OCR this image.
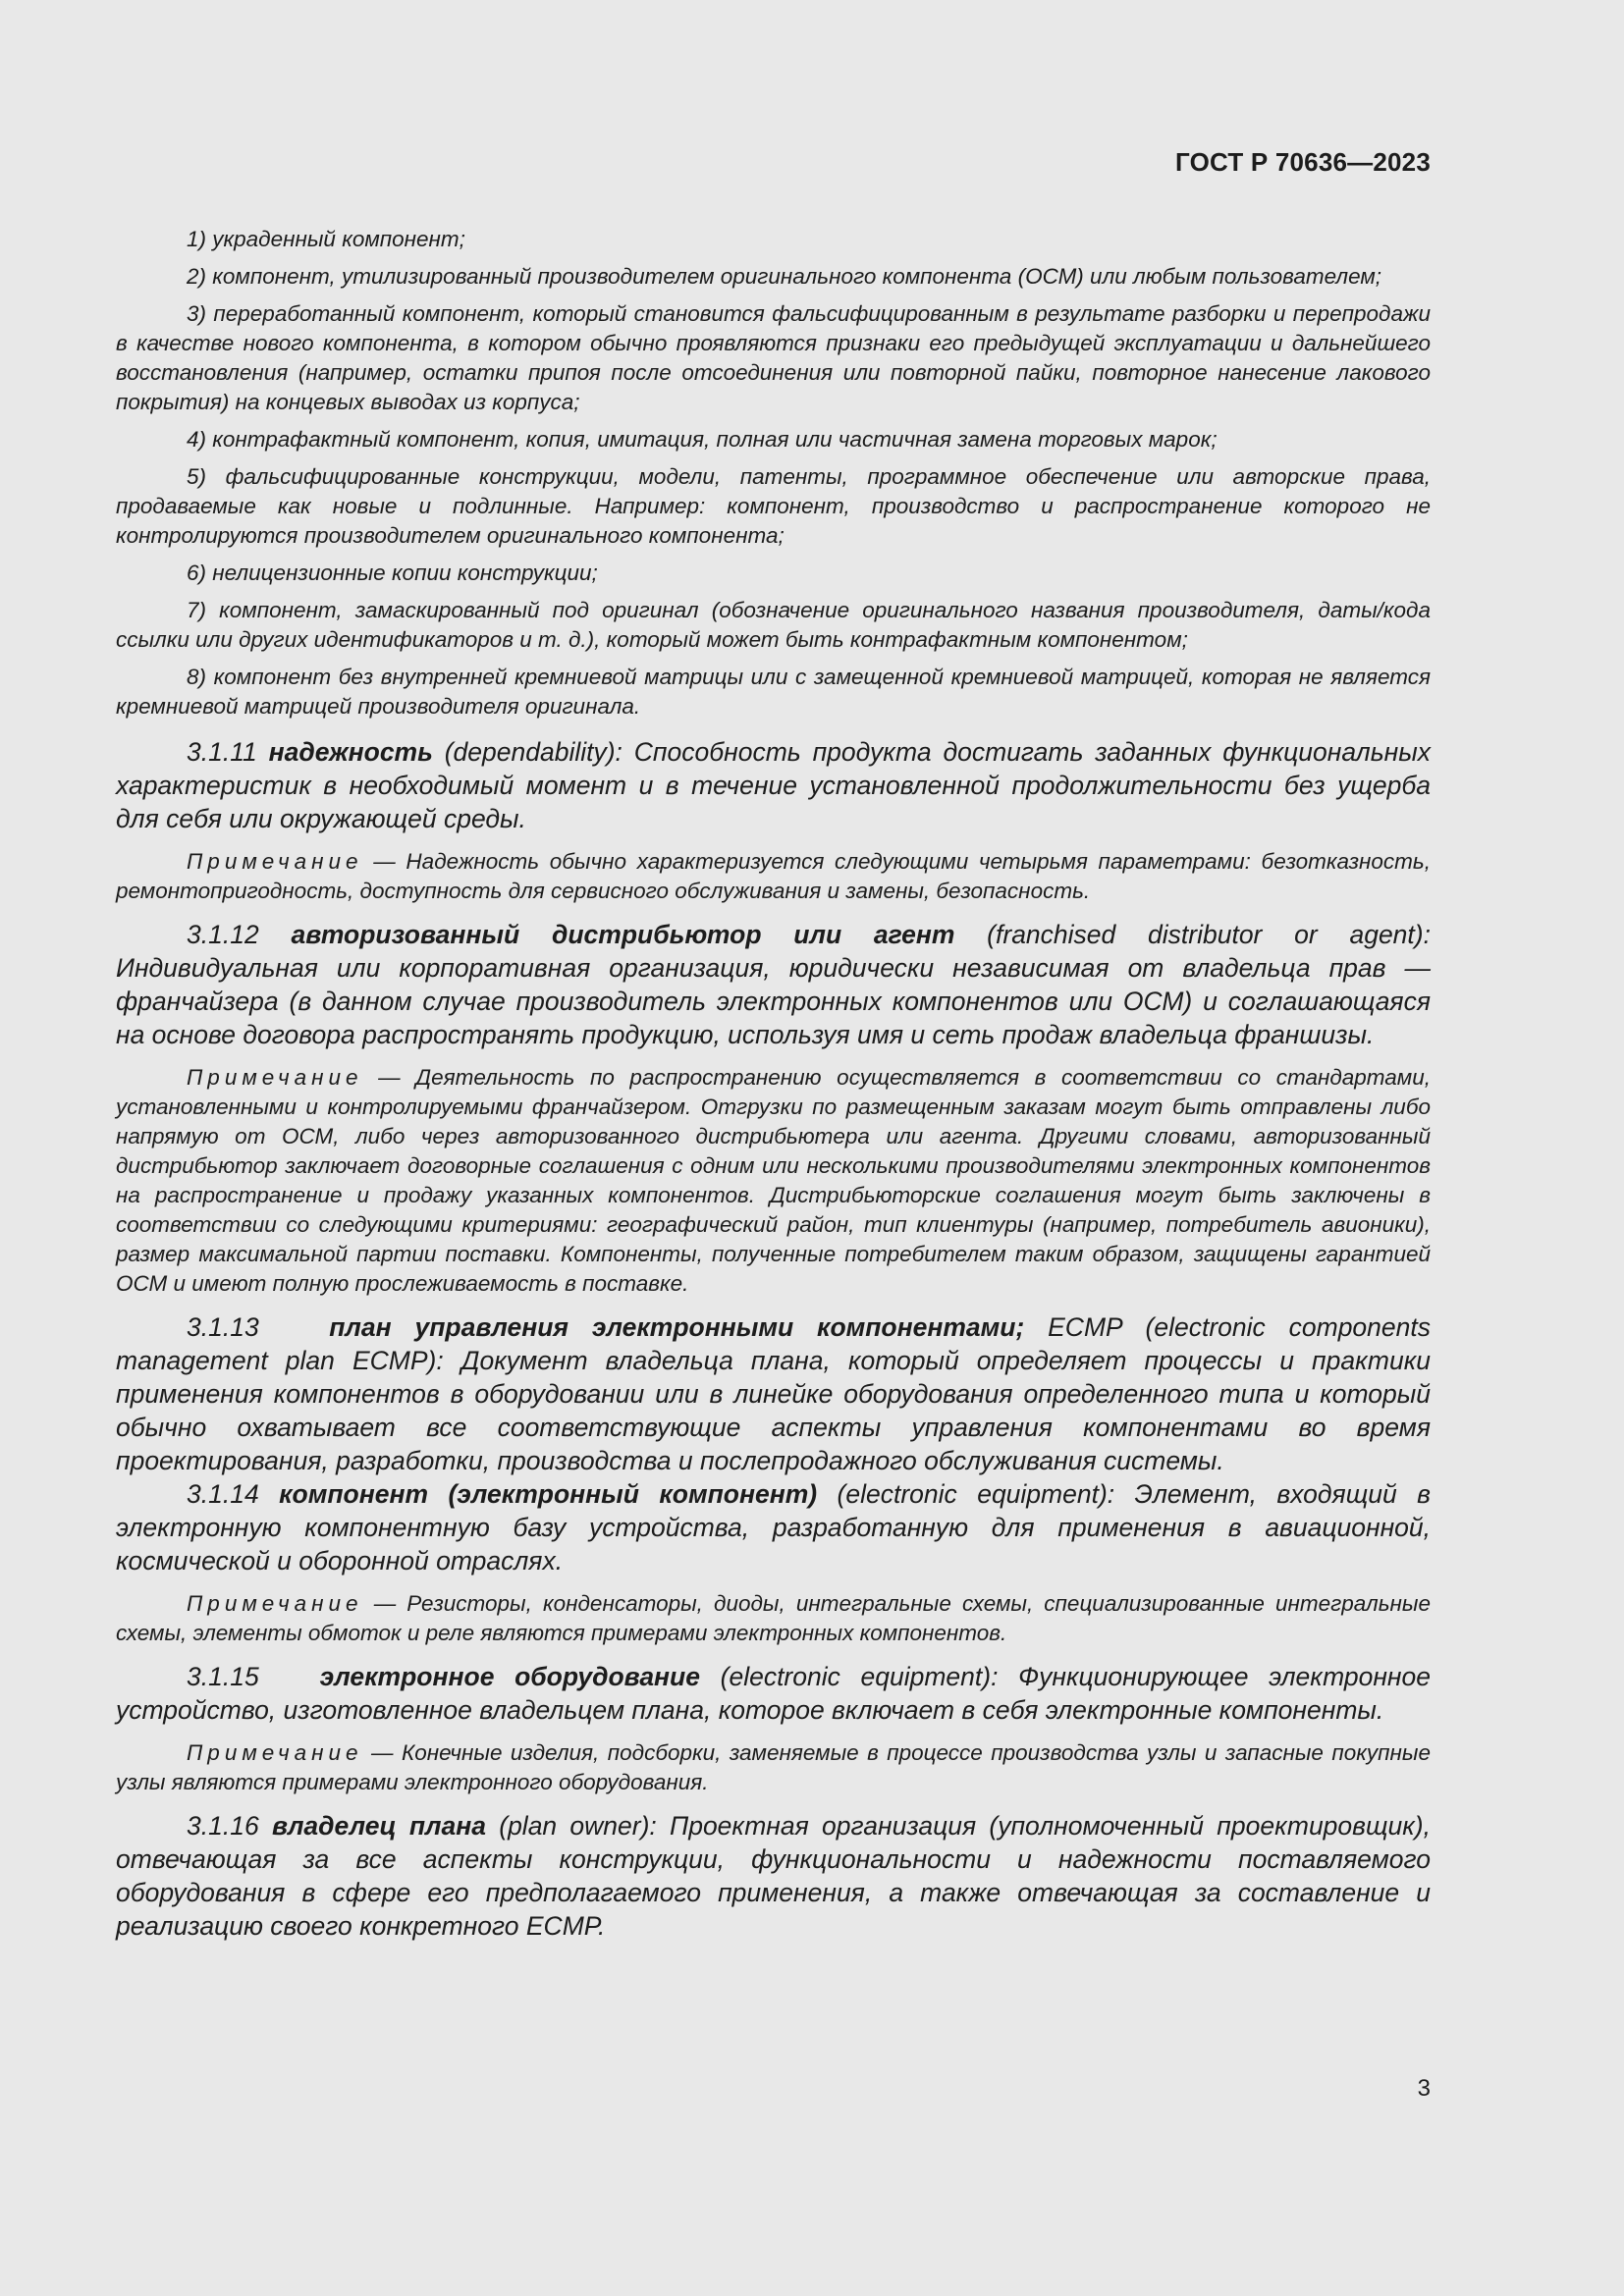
ГОСТ Р 70636—2023

1) украденный компонент;

2) компонент, утилизированный производителем оригинального компонента (ОСМ) или любым пользователем;

3) переработанный компонент, который становится фальсифицированным в результате разборки и перепродажи в качестве нового компонента, в котором обычно проявляются признаки его предыдущей эксплуатации и дальнейшего восстановления (например, остатки припоя после отсоединения или повторной пайки, повторное нанесение лакового покрытия) на концевых выводах из корпуса;

4) контрафактный компонент, копия, имитация, полная или частичная замена торговых марок;

5) фальсифицированные конструкции, модели, патенты, программное обеспечение или авторские права, продаваемые как новые и подлинные. Например: компонент, производство и распространение которого не контролируются производителем оригинального компонента;

6) нелицензионные копии конструкции;

7) компонент, замаскированный под оригинал (обозначение оригинального названия производителя, даты/кода ссылки или других идентификаторов и т. д.), который может быть контрафактным компонентом;

8) компонент без внутренней кремниевой матрицы или с замещенной кремниевой матрицей, которая не является кремниевой матрицей производителя оригинала.

3.1.11 надежность (dependability): Способность продукта достигать заданных функциональных характеристик в необходимый момент и в течение установленной продолжительности без ущерба для себя или окружающей среды.

Примечание — Надежность обычно характеризуется следующими четырьмя параметрами: безотказность, ремонтопригодность, доступность для сервисного обслуживания и замены, безопасность.

3.1.12 авторизованный дистрибьютор или агент (franchised distributor or agent): Индивидуальная или корпоративная организация, юридически независимая от владельца прав — франчайзера (в данном случае производитель электронных компонентов или ОСМ) и соглашающаяся на основе договора распространять продукцию, используя имя и сеть продаж владельца франшизы.

Примечание — Деятельность по распространению осуществляется в соответствии со стандартами, установленными и контролируемыми франчайзером. Отгрузки по размещенным заказам могут быть отправлены либо напрямую от ОСМ, либо через авторизованного дистрибьютера или агента. Другими словами, авторизованный дистрибьютор заключает договорные соглашения с одним или несколькими производителями электронных компонентов на распространение и продажу указанных компонентов. Дистрибьюторские соглашения могут быть заключены в соответствии со следующими критериями: географический район, тип клиентуры (например, потребитель авионики), размер максимальной партии поставки. Компоненты, полученные потребителем таким образом, защищены гарантией ОСМ и имеют полную прослеживаемость в поставке.

3.1.13	план управления электронными компонентами; ECMP (electronic components management plan ECMP): Документ владельца плана, который определяет процессы и практики применения компонентов в оборудовании или в линейке оборудования определенного типа и который обычно охватывает все соответствующие аспекты управления компонентами во время проектирования, разработки, производства и послепродажного обслуживания системы.

3.1.14 компонент (электронный компонент) (electronic equipment): Элемент, входящий в электронную компонентную базу устройства, разработанную для применения в авиационной, космической и оборонной отраслях.

Примечание — Резисторы, конденсаторы, диоды, интегральные схемы, специализированные интегральные схемы, элементы обмоток и реле являются примерами электронных компонентов.

3.1.15 электронное оборудование (electronic equipment): Функционирующее электронное устройство, изготовленное владельцем плана, которое включает в себя электронные компоненты.

Примечание — Конечные изделия, подсборки, заменяемые в процессе производства узлы и запасные покупные узлы являются примерами электронного оборудования.

3.1.16 владелец плана (plan owner): Проектная организация (уполномоченный проектировщик), отвечающая за все аспекты конструкции, функциональности и надежности поставляемого оборудования в сфере его предполагаемого применения, а также отвечающая за составление и реализацию своего конкретного ECMP.

3
